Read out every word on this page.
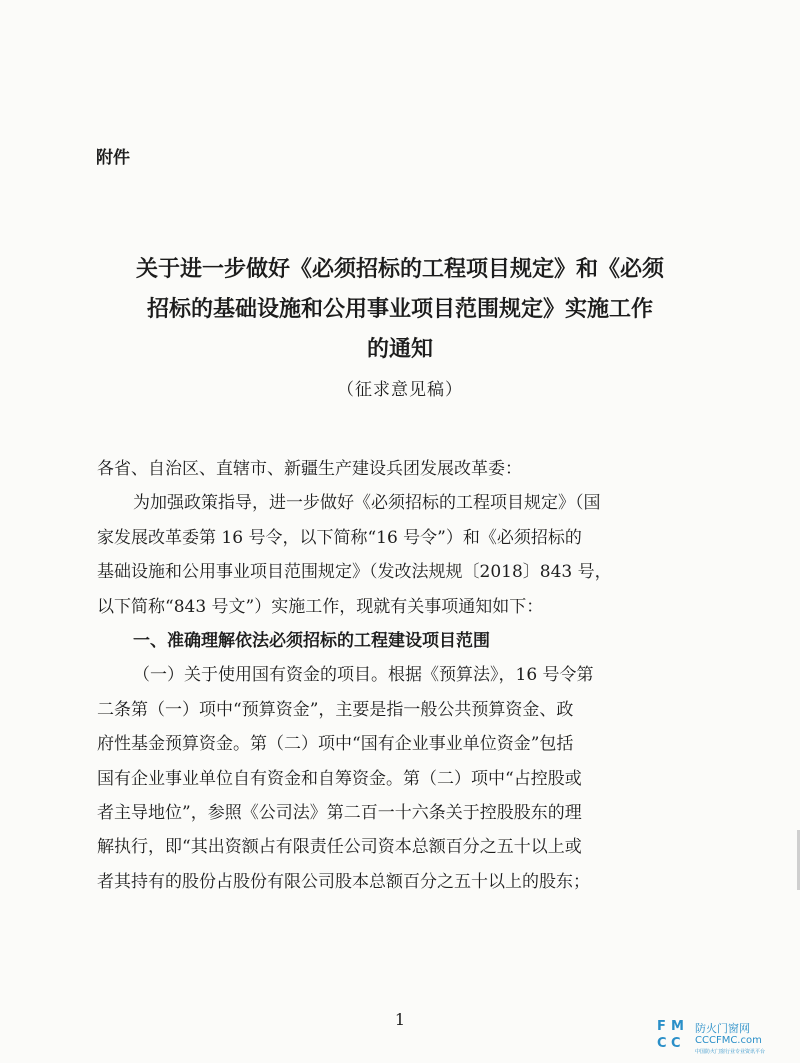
附件
关于进一步做好《必须招标的工程项目规定》和《必须
招标的基础设施和公用事业项目范围规定》实施工作
的通知
（征求意见稿）

各省、自治区、直辖市、新疆生产建设兵团发展改革委：

为加强政策指导，进一步做好《必须招标的工程项目规定》（国

家发展改革委第 16 号令，以下简称“16 号令”）和《必须招标的

基础设施和公用事业项目范围规定》（发改法规规〔2018〕843 号，

以下简称“843 号文”）实施工作，现就有关事项通知如下：

一、准确理解依法必须招标的工程建设项目范围

（一）关于使用国有资金的项目。根据《预算法》，16 号令第

二条第（一）项中“预算资金”，主要是指一般公共预算资金、政

府性基金预算资金。第（二）项中“国有企业事业单位资金”包括

国有企业事业单位自有资金和自筹资金。第（二）项中“占控股或

者主导地位”，参照《公司法》第二百一十六条关于控股股东的理

解执行，即“其出资额占有限责任公司资本总额百分之五十以上或

者其持有的股份占股份有限公司股本总额百分之五十以上的股东；

1	F M
C C
防火门窗网
CCCFMC.com
中国防火门窗行业专业资讯平台
